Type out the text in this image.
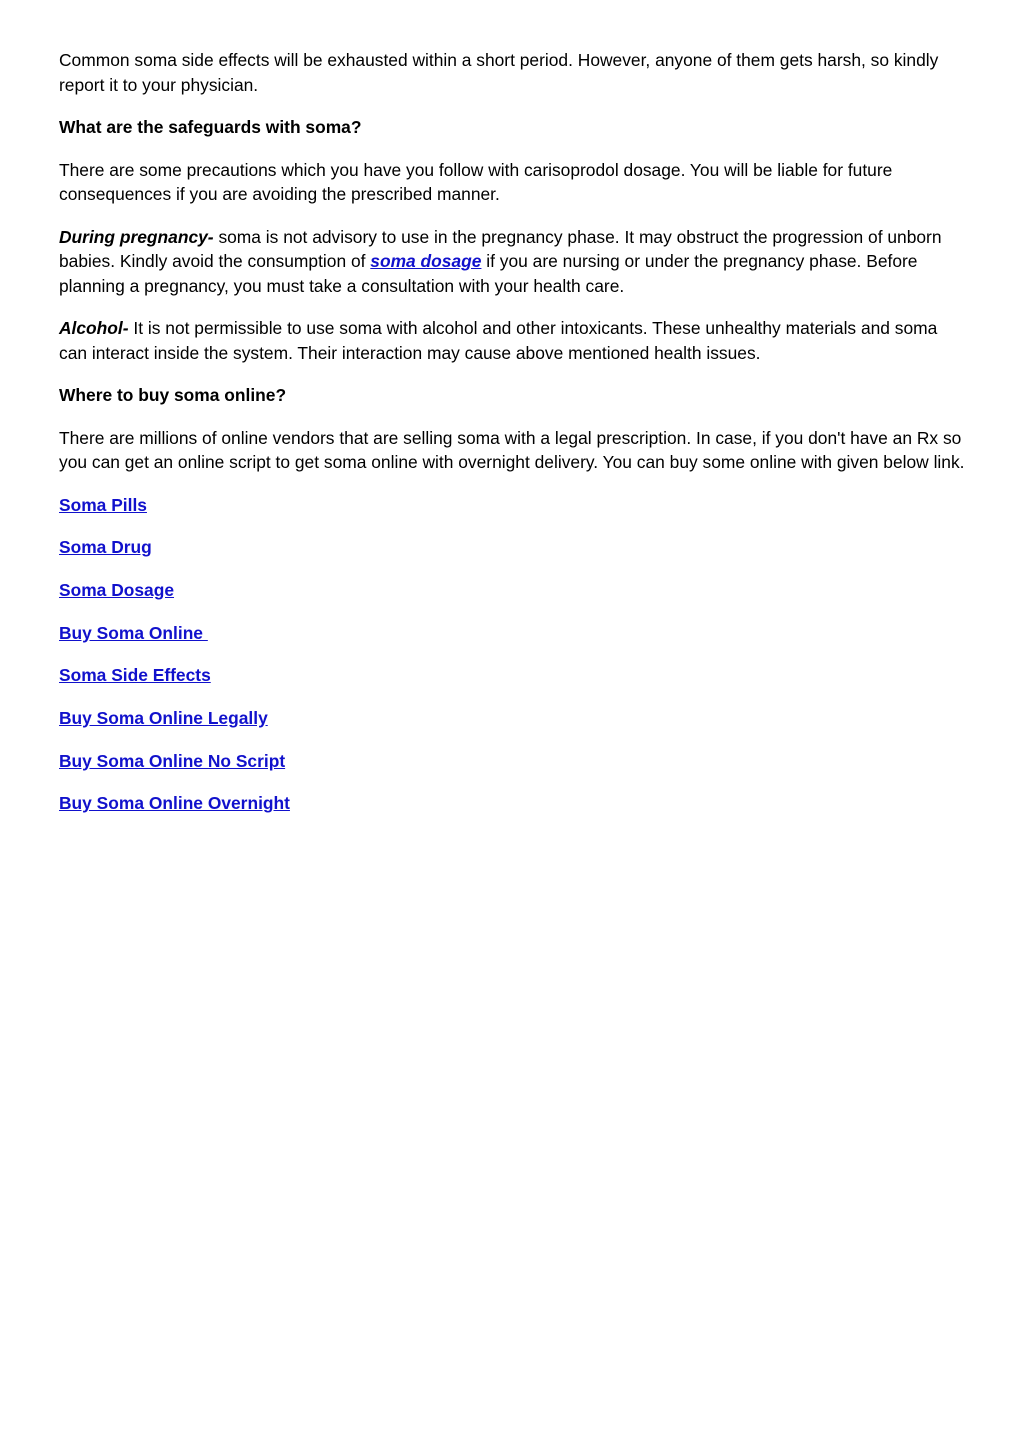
Common soma side effects will be exhausted within a short period. However, anyone of them gets harsh, so kindly report it to your physician.

What are the safeguards with soma?

There are some precautions which you have you follow with carisoprodol dosage. You will be liable for future consequences if you are avoiding the prescribed manner.

During pregnancy- soma is not advisory to use in the pregnancy phase. It may obstruct the progression of unborn babies. Kindly avoid the consumption of soma dosage if you are nursing or under the pregnancy phase. Before planning a pregnancy, you must take a consultation with your health care.

Alcohol- It is not permissible to use soma with alcohol and other intoxicants. These unhealthy materials and soma can interact inside the system. Their interaction may cause above mentioned health issues.

Where to buy soma online?

There are millions of online vendors that are selling soma with a legal prescription. In case, if you don't have an Rx so you can get an online script to get soma online with overnight delivery. You can buy some online with given below link.

Soma Pills

Soma Drug

Soma Dosage

Buy Soma Online

Soma Side Effects

Buy Soma Online Legally

Buy Soma Online No Script

Buy Soma Online Overnight
